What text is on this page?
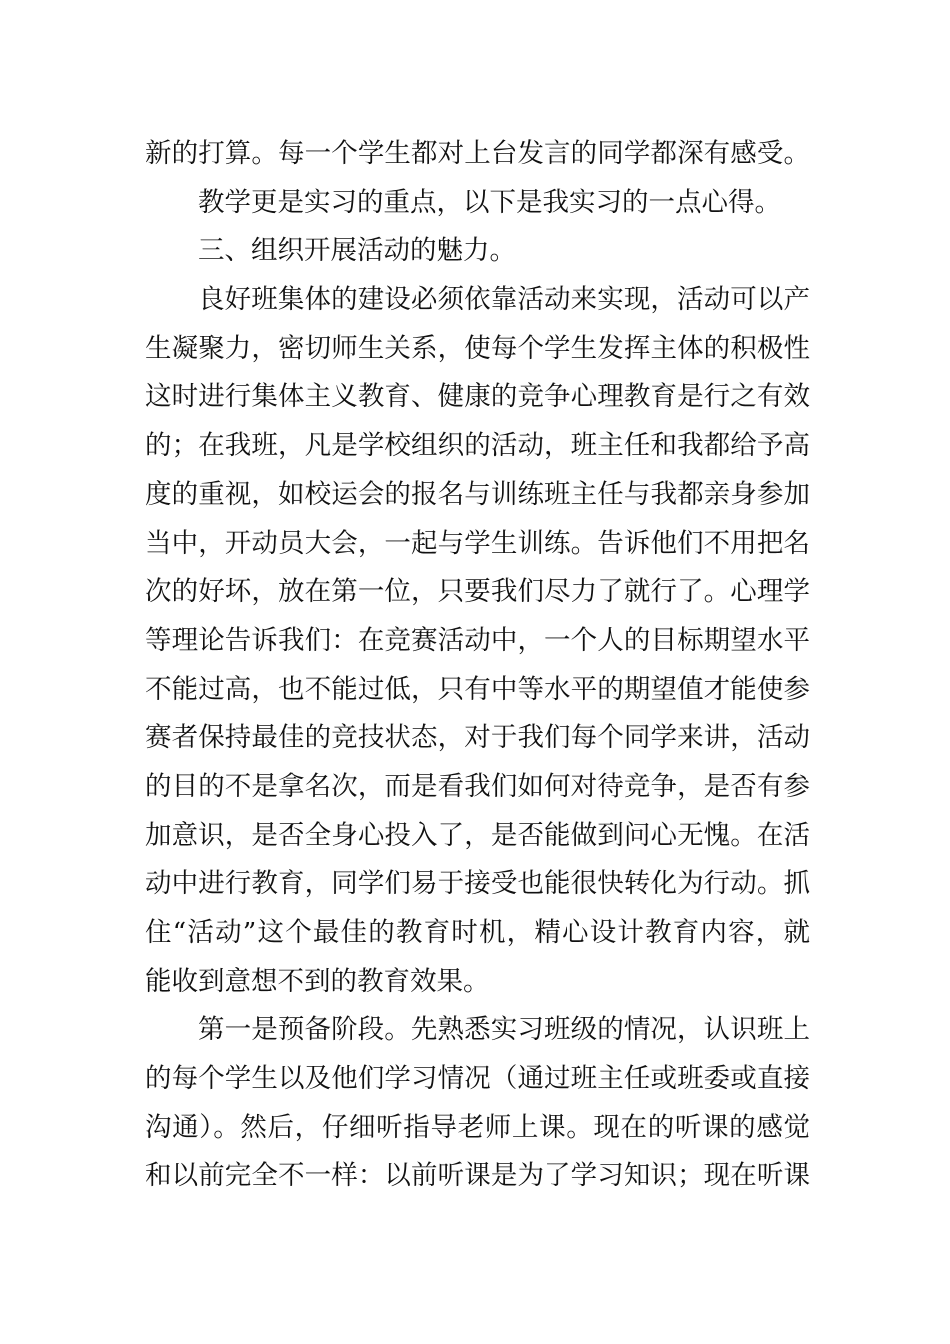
新的打算。每一个学生都对上台发言的同学都深有感受。
教学更是实习的重点，以下是我实习的一点心得。
三、组织开展活动的魅力。
良好班集体的建设必须依靠活动来实现，活动可以产
生凝聚力，密切师生关系，使每个学生发挥主体的积极性
这时进行集体主义教育、健康的竞争心理教育是行之有效
的；在我班，凡是学校组织的活动，班主任和我都给予高
度的重视，如校运会的报名与训练班主任与我都亲身参加
当中，开动员大会，一起与学生训练。告诉他们不用把名
次的好坏，放在第一位，只要我们尽力了就行了。心理学
等理论告诉我们：在竞赛活动中，一个人的目标期望水平
不能过高，也不能过低，只有中等水平的期望值才能使参
赛者保持最佳的竞技状态，对于我们每个同学来讲，活动
的目的不是拿名次，而是看我们如何对待竞争，是否有参
加意识，是否全身心投入了，是否能做到问心无愧。在活
动中进行教育，同学们易于接受也能很快转化为行动。抓
住“活动”这个最佳的教育时机，精心设计教育内容，就
能收到意想不到的教育效果。
第一是预备阶段。先熟悉实习班级的情况，认识班上
的每个学生以及他们学习情况（通过班主任或班委或直接
沟通）。然后，仔细听指导老师上课。现在的听课的感觉
和以前完全不一样：以前听课是为了学习知识；现在听课
